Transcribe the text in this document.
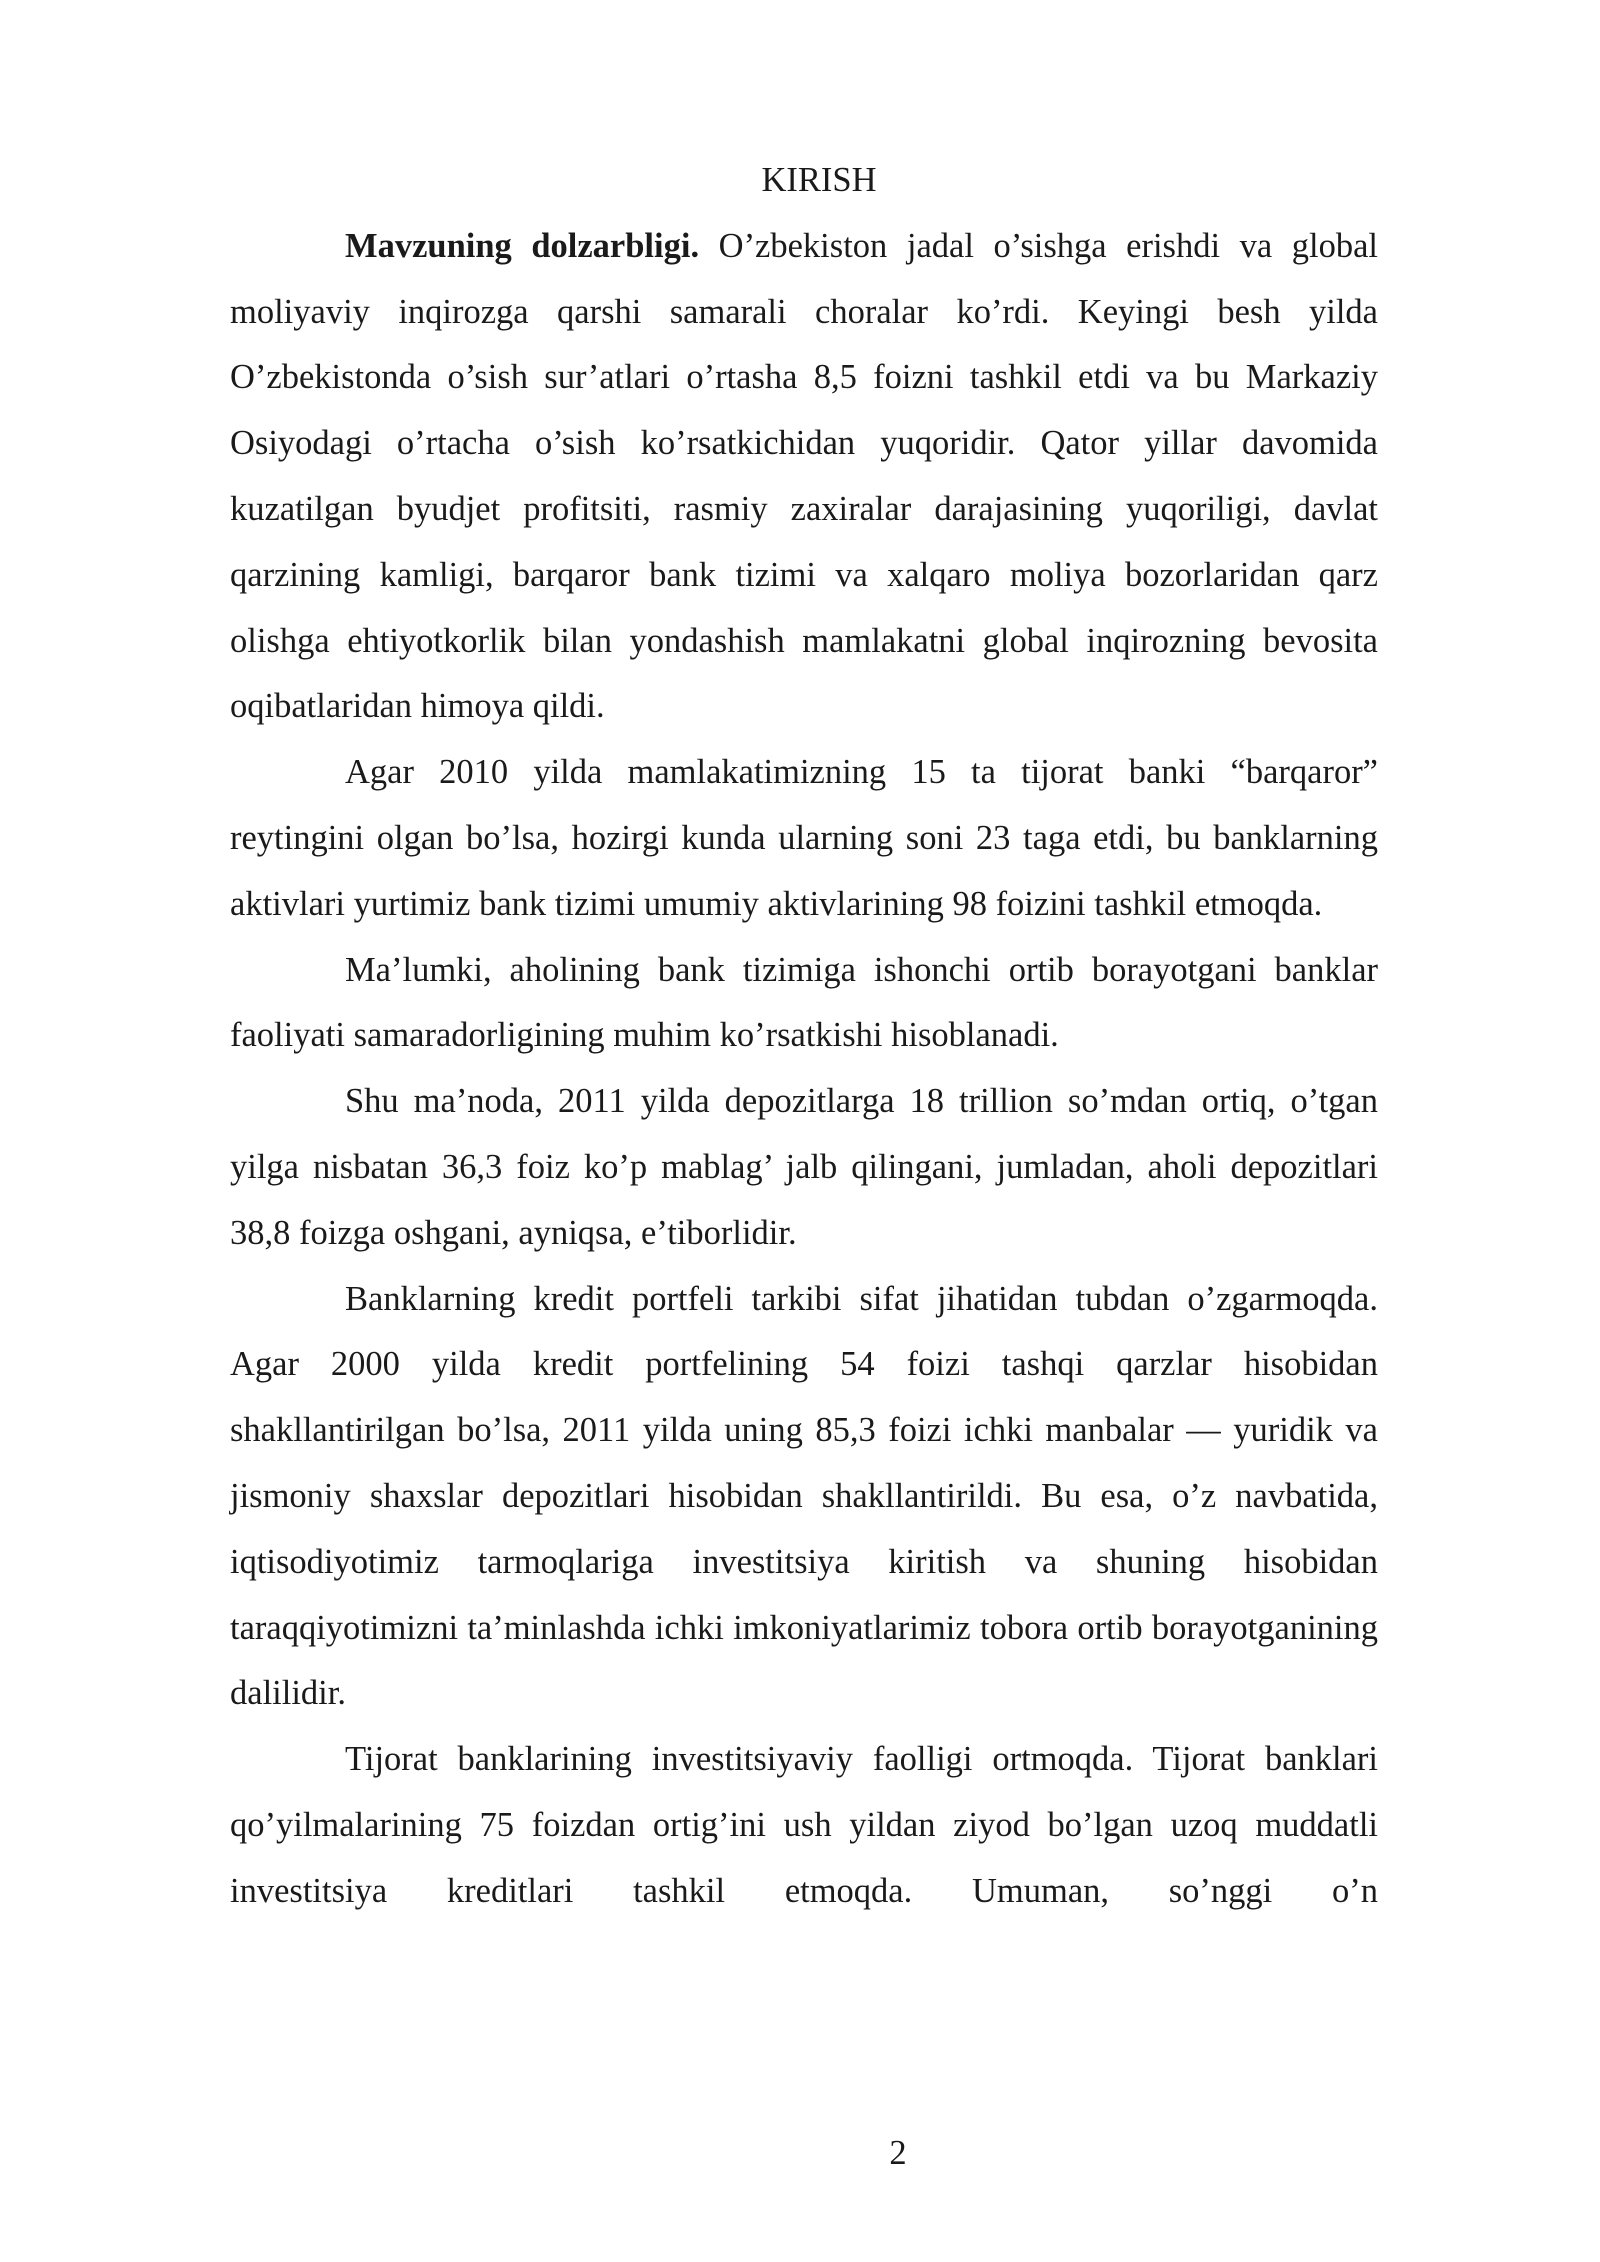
KIRISH

Mavzuning dolzarbligi. O’zbekiston jadal o’sishga erishdi va global moliyaviy inqirozga qarshi samarali choralar ko’rdi. Keyingi besh yilda O’zbekistonda o’sish sur’atlari o’rtasha 8,5 foizni tashkil etdi va bu Markaziy Osiyodagi o’rtacha o’sish ko’rsatkichidan yuqoridir. Qator yillar davomida kuzatilgan byudjet profitsiti, rasmiy zaxiralar darajasining yuqoriligi, davlat qarzining kamligi, barqaror bank tizimi va xalqaro moliya bozorlaridan qarz olishga ehtiyotkorlik bilan yondashish mamlakatni global inqirozning bevosita oqibatlaridan himoya qildi.

Agar 2010 yilda mamlakatimizning 15 ta tijorat banki “barqaror” reytingini olgan bo’lsa, hozirgi kunda ularning soni 23 taga etdi, bu banklarning aktivlari yurtimiz bank tizimi umumiy aktivlarining 98 foizini tashkil etmoqda.

Ma’lumki, aholining bank tizimiga ishonchi ortib borayotgani banklar faoliyati samaradorligining muhim ko’rsatkishi hisoblanadi.

Shu ma’noda, 2011 yilda depozitlarga 18 trillion so’mdan ortiq, o’tgan yilga nisbatan 36,3 foiz ko’p mablag’ jalb qilingani, jumladan, aholi depozitlari 38,8 foizga oshgani, ayniqsa, e’tiborlidir.

Banklarning kredit portfeli tarkibi sifat jihatidan tubdan o’zgarmoqda. Agar 2000 yilda kredit portfelining 54 foizi tashqi qarzlar hisobidan shakllantirilgan bo’lsa, 2011 yilda uning 85,3 foizi ichki manbalar — yuridik va jismoniy shaxslar depozitlari hisobidan shakllantirildi. Bu esa, o’z navbatida, iqtisodiyotimiz tarmoqlariga investitsiya kiritish va shuning hisobidan taraqqiyotimizni ta’minlashda ichki imkoniyatlarimiz tobora ortib borayotganining dalilidir.

Tijorat banklarining investitsiyaviy faolligi ortmoqda. Tijorat banklari qo’yilmalarining 75 foizdan ortig’ini ush yildan ziyod bo’lgan uzoq muddatli investitsiya kreditlari tashkil etmoqda. Umuman, so’nggi o’n

2
